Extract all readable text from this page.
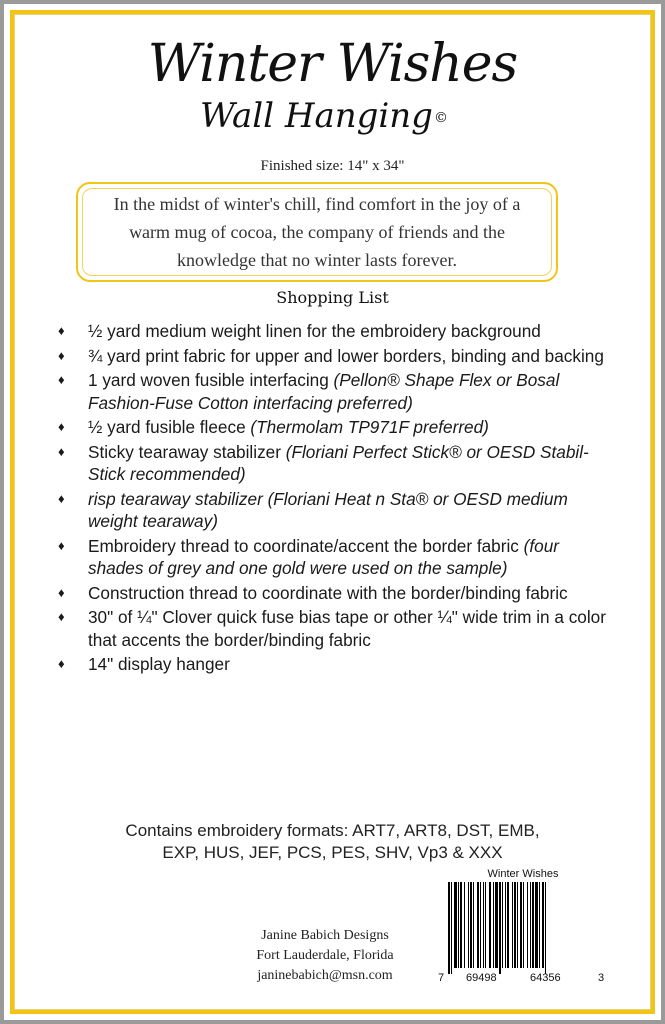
Winter Wishes
Wall Hanging©
Finished size: 14" x 34"
In the midst of winter's chill, find comfort in the joy of a warm mug of cocoa, the company of friends and the knowledge that no winter lasts forever.
Shopping List
♦ ½ yard medium weight linen for the embroidery background
♦ ¾ yard print fabric for upper and lower borders, binding and backing
♦ 1 yard woven fusible interfacing (Pellon® Shape Flex or Bosal Fashion-Fuse Cotton interfacing preferred)
♦ ½ yard fusible fleece (Thermolam TP971F preferred)
♦ Sticky tearaway stabilizer (Floriani Perfect Stick® or OESD Stabil-Stick recommended)
♦ risp tearaway stabilizer (Floriani Heat n Sta® or OESD medium weight tearaway)
♦ Embroidery thread to coordinate/accent the border fabric (four shades of grey and one gold were used on the sample)
♦ Construction thread to coordinate with the border/binding fabric
♦ 30" of ¼" Clover quick fuse bias tape or other ¼" wide trim in a color that accents the border/binding fabric
♦ 14" display hanger
Contains embroidery formats: ART7, ART8, DST, EMB,
EXP, HUS, JEF, PCS, PES, SHV, Vp3 & XXX
Janine Babich Designs
Fort Lauderdale, Florida
janinebabich@msn.com
Winter Wishes
7 69498	64356	3
